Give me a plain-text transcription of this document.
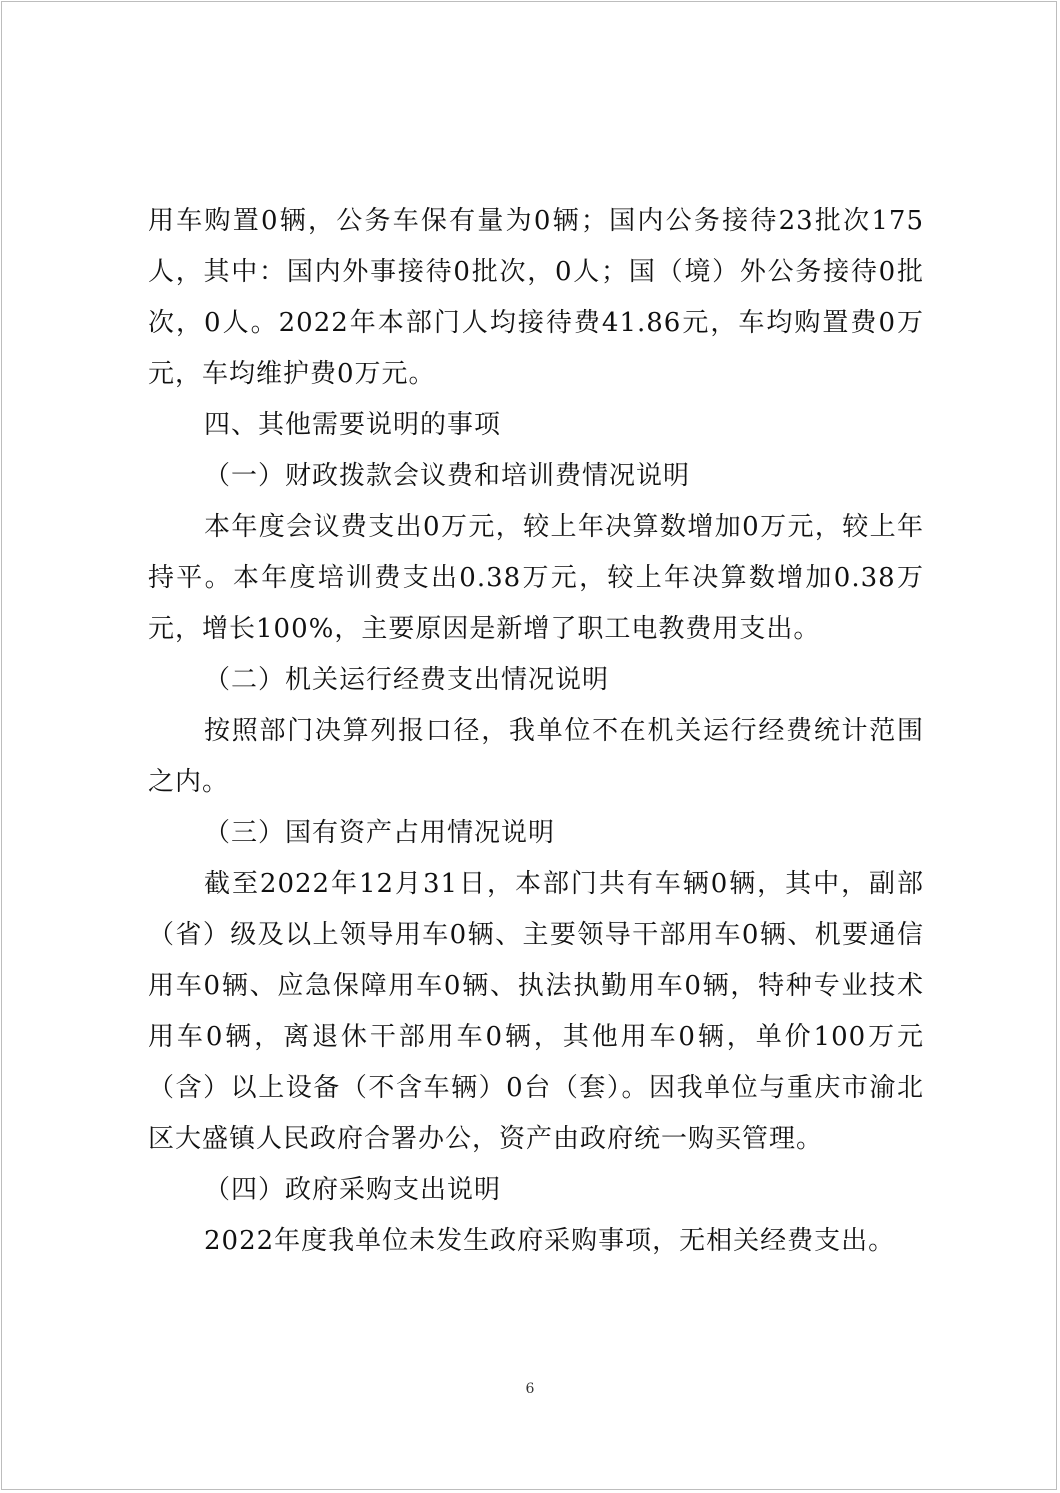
用车购置0辆，公务车保有量为0辆；国内公务接待23批次175人，其中：国内外事接待0批次，0人；国（境）外公务接待0批次，0人。2022年本部门人均接待费41.86元，车均购置费0万元，车均维护费0万元。

四、其他需要说明的事项

（一）财政拨款会议费和培训费情况说明

本年度会议费支出0万元，较上年决算数增加0万元，较上年持平。本年度培训费支出0.38万元，较上年决算数增加0.38万元，增长100%，主要原因是新增了职工电教费用支出。

（二）机关运行经费支出情况说明

按照部门决算列报口径，我单位不在机关运行经费统计范围之内。

（三）国有资产占用情况说明

截至2022年12月31日，本部门共有车辆0辆，其中，副部（省）级及以上领导用车0辆、主要领导干部用车0辆、机要通信用车0辆、应急保障用车0辆、执法执勤用车0辆，特种专业技术用车0辆，离退休干部用车0辆，其他用车0辆，单价100万元（含）以上设备（不含车辆）0台（套）。因我单位与重庆市渝北区大盛镇人民政府合署办公，资产由政府统一购买管理。

（四）政府采购支出说明

2022年度我单位未发生政府采购事项，无相关经费支出。

6
